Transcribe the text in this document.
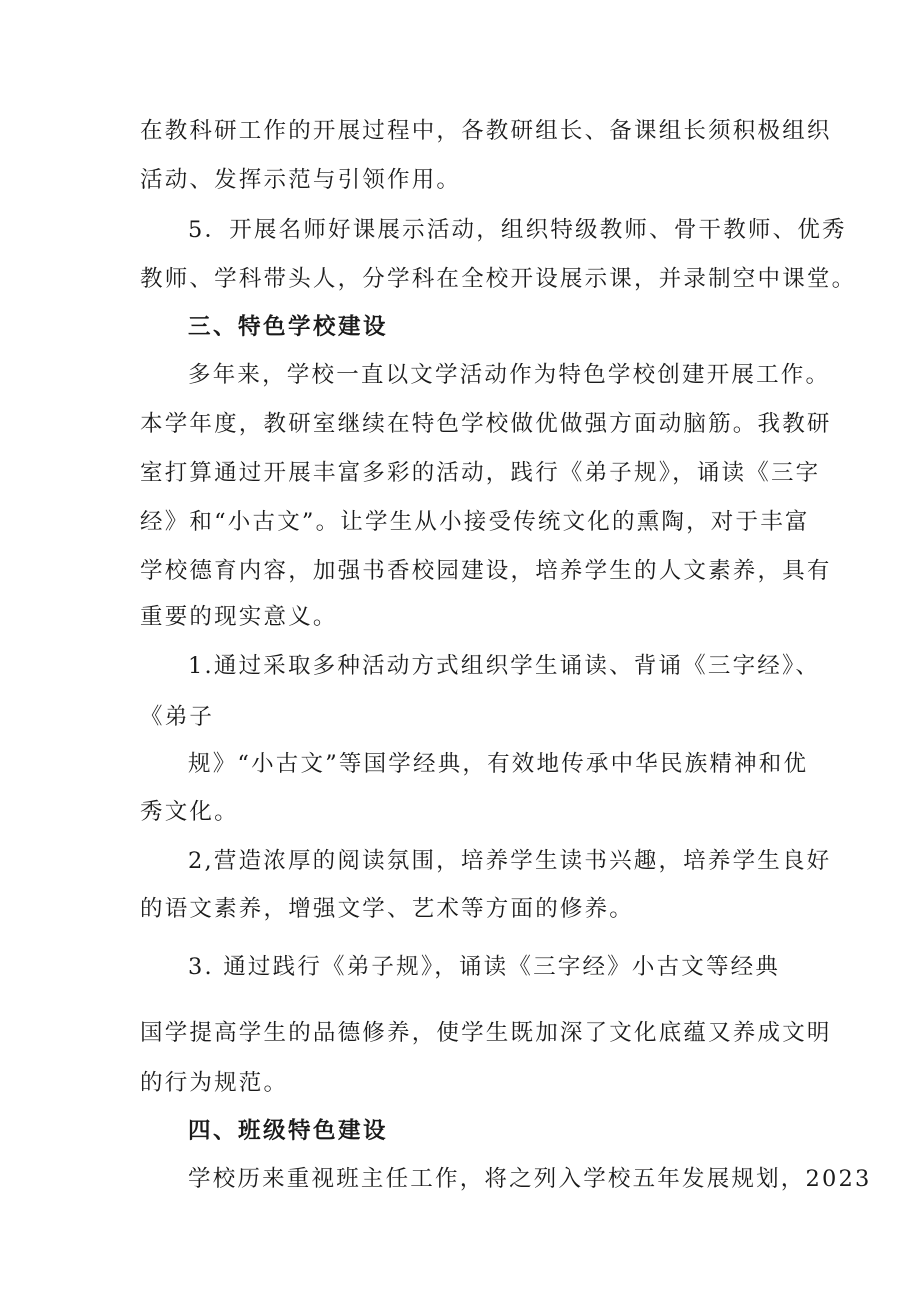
在教科研工作的开展过程中，各教研组长、备课组长须积极组织
活动、发挥示范与引领作用。
5．开展名师好课展示活动，组织特级教师、骨干教师、优秀
教师、学科带头人，分学科在全校开设展示课，并录制空中课堂。
三、特色学校建设
多年来，学校一直以文学活动作为特色学校创建开展工作。
本学年度，教研室继续在特色学校做优做强方面动脑筋。我教研
室打算通过开展丰富多彩的活动，践行《弟子规》，诵读《三字
经》和“小古文”。让学生从小接受传统文化的熏陶，对于丰富
学校德育内容，加强书香校园建设，培养学生的人文素养，具有
重要的现实意义。
1.通过采取多种活动方式组织学生诵读、背诵《三字经》、
《弟子
规》“小古文”等国学经典，有效地传承中华民族精神和优
秀文化。
2,营造浓厚的阅读氛围，培养学生读书兴趣，培养学生良好
的语文素养，增强文学、艺术等方面的修养。
3. 通过践行《弟子规》，诵读《三字经》小古文等经典
国学提高学生的品德修养，使学生既加深了文化底蕴又养成文明
的行为规范。
四、班级特色建设
学校历来重视班主任工作，将之列入学校五年发展规划，2023
